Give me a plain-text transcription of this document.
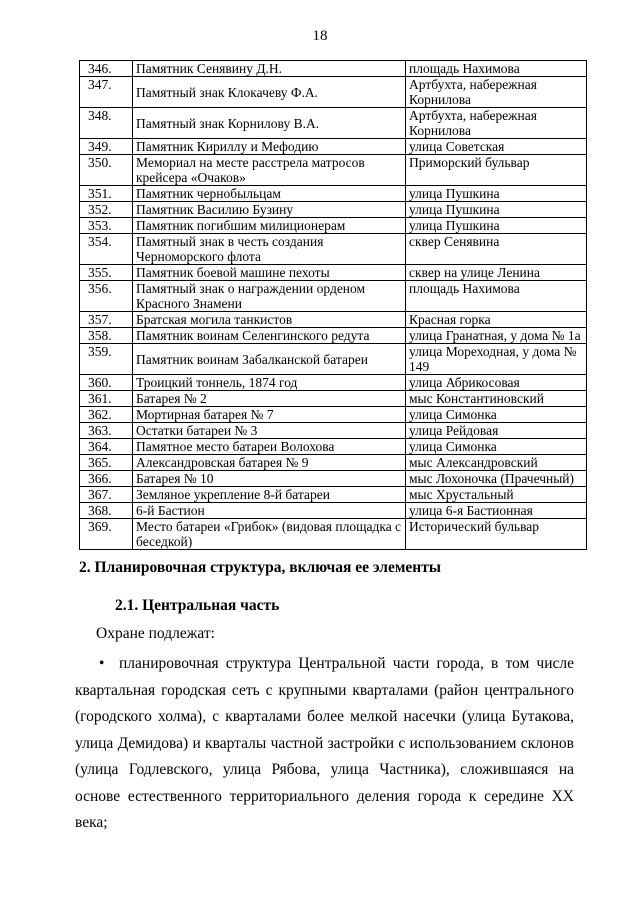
18
346.	Памятник Сенявину Д.Н.	площадь Нахимова
347.	Памятный знак Клокачеву Ф.А.	Артбухта, набережная Корнилова
348.	Памятный знак Корнилову В.А.	Артбухта, набережная Корнилова
349.	Памятник Кириллу и Мефодию	улица Советская
350.	Мемориал на месте расстрела матросов крейсера «Очаков»	Приморский бульвар
351.	Памятник чернобыльцам	улица Пушкина
352.	Памятник Василию Бузину	улица Пушкина
353.	Памятник погибшим милиционерам	улица Пушкина
354.	Памятный знак в честь создания Черноморского флота	сквер Сенявина
355.	Памятник боевой машине пехоты	сквер на улице Ленина
356.	Памятный знак о награждении орденом Красного Знамени	площадь Нахимова
357.	Братская могила танкистов	Красная горка
358.	Памятник воинам Селенгинского редута	улица Гранатная, у дома № 1а
359.	Памятник воинам Забалканской батареи	улица Мореходная, у дома № 149
360.	Троицкий тоннель, 1874 год	улица Абрикосовая
361.	Батарея № 2	мыс Константиновский
362.	Мортирная батарея № 7	улица Симонка
363.	Остатки батареи № 3	улица Рейдовая
364.	Памятное место батареи Волохова	улица Симонка
365.	Александровская батарея № 9	мыс Александровский
366.	Батарея № 10	мыс Лохоночка (Прачечный)
367.	Земляное укрепление 8-й батареи	мыс Хрустальный
368.	6-й Бастион	улица 6-я Бастионная
369.	Место батареи «Грибок» (видовая площадка с беседкой)	Исторический бульвар
2. Планировочная структура, включая ее элементы
2.1. Центральная часть
Охране подлежат:
• планировочная структура Центральной части города, в том числе квартальная городская сеть с крупными кварталами (район центрального (городского холма), с кварталами более мелкой насечки (улица Бутакова, улица Демидова) и кварталы частной застройки с использованием склонов (улица Годлевского, улица Рябова, улица Частника), сложившаяся на основе естественного территориального деления города к середине XX века;
